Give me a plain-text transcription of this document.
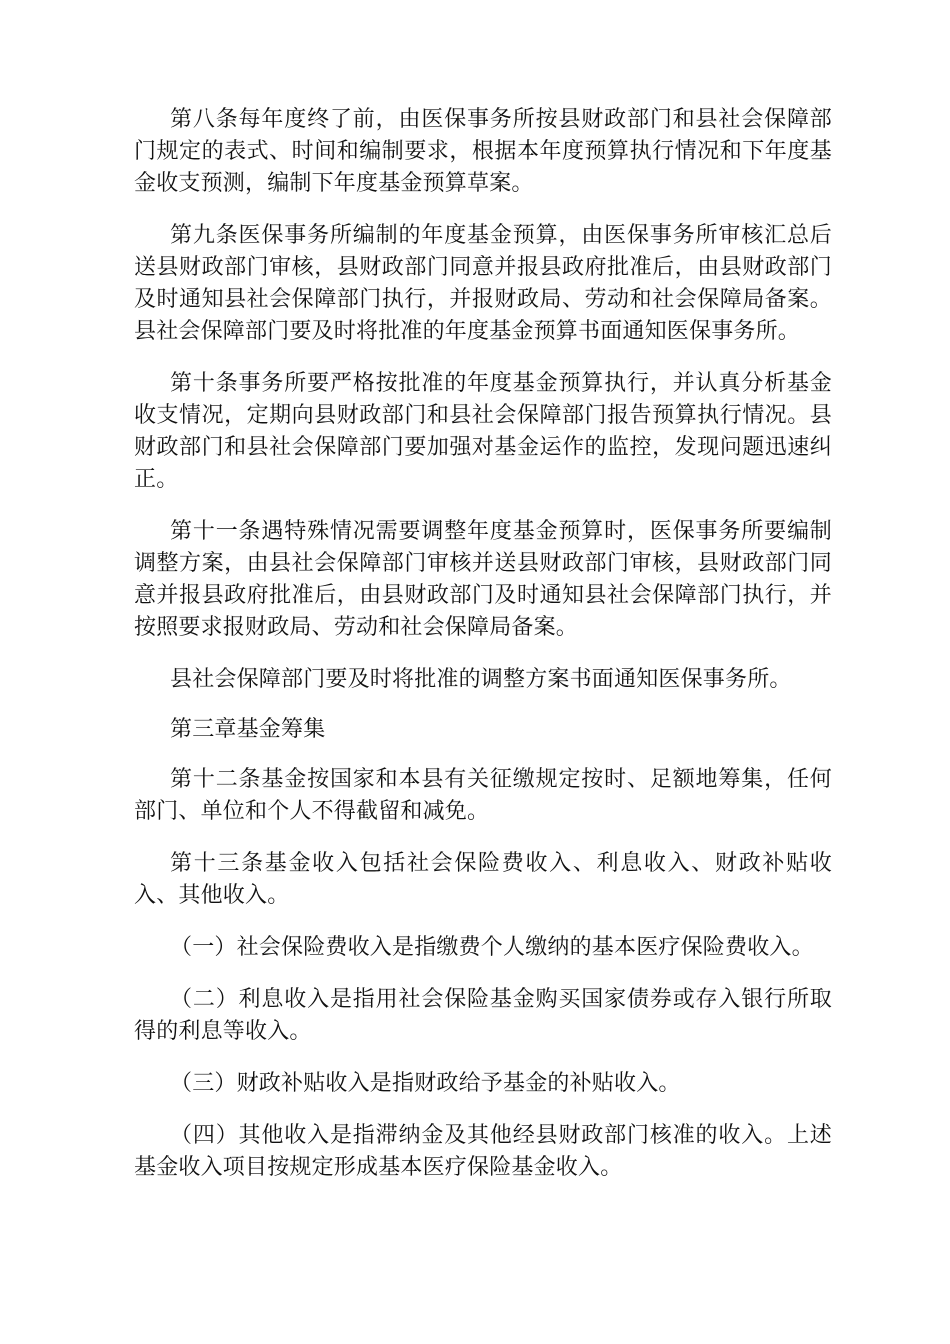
第八条每年度终了前，由医保事务所按县财政部门和县社会保障部门规定的表式、时间和编制要求，根据本年度预算执行情况和下年度基金收支预测，编制下年度基金预算草案。

第九条医保事务所编制的年度基金预算，由医保事务所审核汇总后送县财政部门审核，县财政部门同意并报县政府批准后，由县财政部门及时通知县社会保障部门执行，并报财政局、劳动和社会保障局备案。县社会保障部门要及时将批准的年度基金预算书面通知医保事务所。

第十条事务所要严格按批准的年度基金预算执行，并认真分析基金收支情况，定期向县财政部门和县社会保障部门报告预算执行情况。县财政部门和县社会保障部门要加强对基金运作的监控，发现问题迅速纠正。

第十一条遇特殊情况需要调整年度基金预算时，医保事务所要编制调整方案，由县社会保障部门审核并送县财政部门审核，县财政部门同意并报县政府批准后，由县财政部门及时通知县社会保障部门执行，并按照要求报财政局、劳动和社会保障局备案。

县社会保障部门要及时将批准的调整方案书面通知医保事务所。

第三章基金筹集

第十二条基金按国家和本县有关征缴规定按时、足额地筹集，任何部门、单位和个人不得截留和减免。

第十三条基金收入包括社会保险费收入、利息收入、财政补贴收入、其他收入。

（一）社会保险费收入是指缴费个人缴纳的基本医疗保险费收入。

（二）利息收入是指用社会保险基金购买国家债券或存入银行所取得的利息等收入。

（三）财政补贴收入是指财政给予基金的补贴收入。

（四）其他收入是指滞纳金及其他经县财政部门核准的收入。上述基金收入项目按规定形成基本医疗保险基金收入。
